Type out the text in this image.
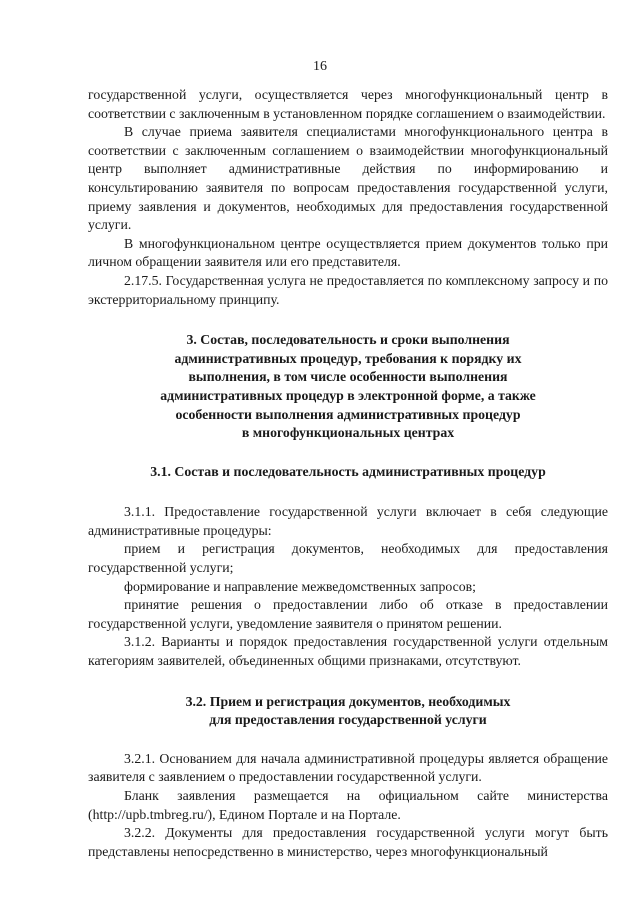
16

государственной услуги, осуществляется через многофункциональный центр в соответствии с заключенным в установленном порядке соглашением о взаимодействии.

В случае приема заявителя специалистами многофункционального центра в соответствии с заключенным соглашением о взаимодействии многофункциональный центр выполняет административные действия по информированию и консультированию заявителя по вопросам предоставления государственной услуги, приему заявления и документов, необходимых для предоставления государственной услуги.

В многофункциональном центре осуществляется прием документов только при личном обращении заявителя или его представителя.

2.17.5. Государственная услуга не предоставляется по комплексному запросу и по экстерриториальному принципу.

3. Состав, последовательность и сроки выполнения
административных процедур, требования к порядку их
выполнения, в том числе особенности выполнения
административных процедур в электронной форме, а также
особенности выполнения административных процедур
в многофункциональных центрах
3.1. Состав и последовательность административных процедур

3.1.1. Предоставление государственной услуги включает в себя следующие административные процедуры:

прием и регистрация документов, необходимых для предоставления государственной услуги;

формирование и направление межведомственных запросов;

принятие решения о предоставлении либо об отказе в предоставлении государственной услуги, уведомление заявителя о принятом решении.

3.1.2. Варианты и порядок предоставления государственной услуги отдельным категориям заявителей, объединенных общими признаками, отсутствуют.

3.2. Прием и регистрация документов, необходимых
для предоставления государственной услуги

3.2.1. Основанием для начала административной процедуры является обращение заявителя с заявлением о предоставлении государственной услуги.

Бланк заявления размещается на официальном сайте министерства (http://upb.tmbreg.ru/), Едином Портале и на Портале.

3.2.2. Документы для предоставления государственной услуги могут быть представлены непосредственно в министерство, через многофункциональный
